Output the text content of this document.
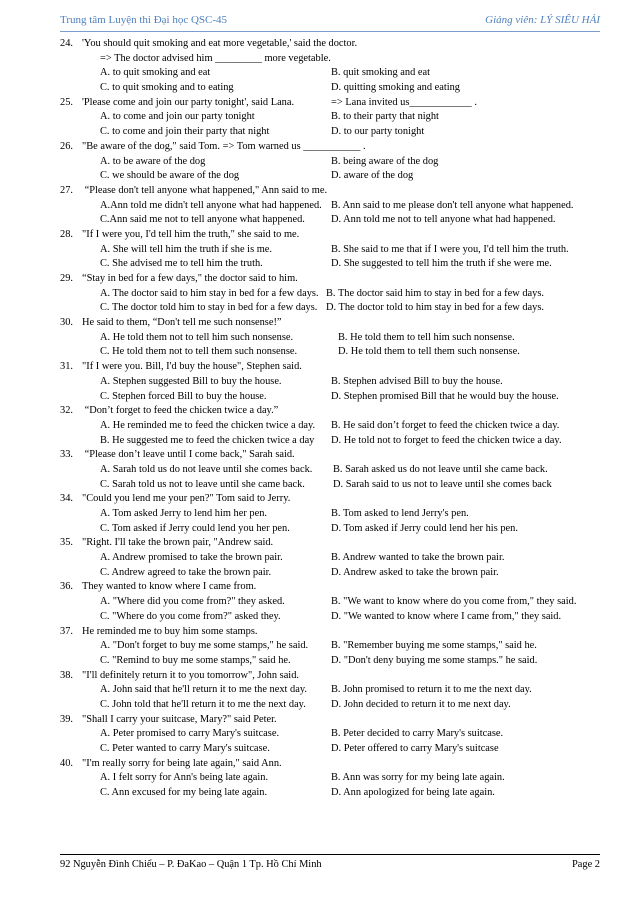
Trung tâm Luyện thi Đại học QSC-45	Giảng viên: LÝ SIÊU HẢI
24. 'You should quit smoking and eat more vegetable,' said the doctor.
=> The doctor advised him _________ more vegetable.
A. to quit smoking and eat	B. quit smoking and eat
C. to quit smoking and to eating	D. quitting smoking and eating
25. 'Please come and join our party tonight', said Lana.	=> Lana invited us____________ .
A. to come and join our party tonight	B. to their party that night
C. to come and join their party that night	D. to our party tonight
26. "Be aware of the dog," said Tom. => Tom warned us ___________ .
A. to be aware of the dog	B. being aware of the dog
C. we should be aware of the dog	D. aware of the dog
27. “Please don't tell anyone what happened," Ann said to me.
A.Ann told me didn't tell anyone what had happened. B. Ann said to me please don't tell anyone what happened.
C.Ann said me not to tell anyone what happened.	D. Ann told me not to tell anyone what had happened.
28. "If I were you, I'd tell him the truth," she said to me.
A. She will tell him the truth if she is me.	B. She said to me that if I were you, I'd tell him the truth.
C. She advised me to tell him the truth.	D. She suggested to tell him the truth if she were me.
29. “Stay in bed for a few days," the doctor said to him.
A. The doctor said to him stay in bed for a few days. B. The doctor said him to stay in bed for a few days.
C. The doctor told him to stay in bed for a few days. D. The doctor told to him stay in bed for a few days.
30. He said to them, “Don't tell me such nonsense!”
A. He told them not to tell him such nonsense.	B. He told them to tell him such nonsense.
C. He told them not to tell them such nonsense.	D. He told them to tell them such nonsense.
31. "If I were you. Bill, I'd buy the house", Stephen said.
A. Stephen suggested Bill to buy the house.	B. Stephen advised Bill to buy the house.
C. Stephen forced Bill to buy the house.	D. Stephen promised Bill that he would buy the house.
32. “Don’t forget to feed the chicken twice a day.”
A. He reminded me to feed the chicken twice a day. B. He said don’t forget to feed the chicken twice a day.
B. He suggested me to feed the chicken twice a day D. He told not to forget to feed the chicken twice a day.
33. “Please don’t leave until I come back," Sarah said.
A. Sarah told us do not leave until she comes back. B. Sarah asked us do not leave until she came back.
C. Sarah told us not to leave until she came back.	D. Sarah said to us not to leave until she comes back
34. "Could you lend me your pen?" Tom said to Jerry.
A. Tom asked Jerry to lend him her pen.	B. Tom asked to lend Jerry's pen.
C. Tom asked if Jerry could lend you her pen.	D. Tom asked if Jerry could lend her his pen.
35. "Right. I'll take the brown pair, "Andrew said.
A. Andrew promised to take the brown pair.	B. Andrew wanted to take the brown pair.
C. Andrew agreed to take the brown pair.	D. Andrew asked to take the brown pair.
36. They wanted to know where I came from.
A. "Where did you come from?" they asked.	B. "We want to know where do you come from," they said.
C. "Where do you come from?" asked they.	D. "We wanted to know where I came from," they said.
37. He reminded me to buy him some stamps.
A. "Don't forget to buy me some stamps," he said. B. "Remember buying me some stamps," said he.
C. "Remind to buy me some stamps," said he.	D. "Don't deny buying me some stamps." he said.
38. "I'll definitely return it to you tomorrow", John said.
A. John said that he'll return it to me the next day. B. John promised to return it to me the next day.
C. John told that he'll return it to me the next day. D. John decided to return it to me next day.
39. "Shall I carry your suitcase, Mary?" said Peter.
A. Peter promised to carry Mary's suitcase.	B. Peter decided to carry Mary's suitcase.
C. Peter wanted to carry Mary's suitcase.	D. Peter offered to carry Mary's suitcase
40. "I'm really sorry for being late again," said Ann.
A. I felt sorry for Ann's being late again.	B. Ann was sorry for my being late again.
C. Ann excused for my being late again.	D. Ann apologized for being late again.
92 Nguyễn Đình Chiểu – P. ĐaKao – Quận 1 Tp. Hồ Chí Minh	Page 2
